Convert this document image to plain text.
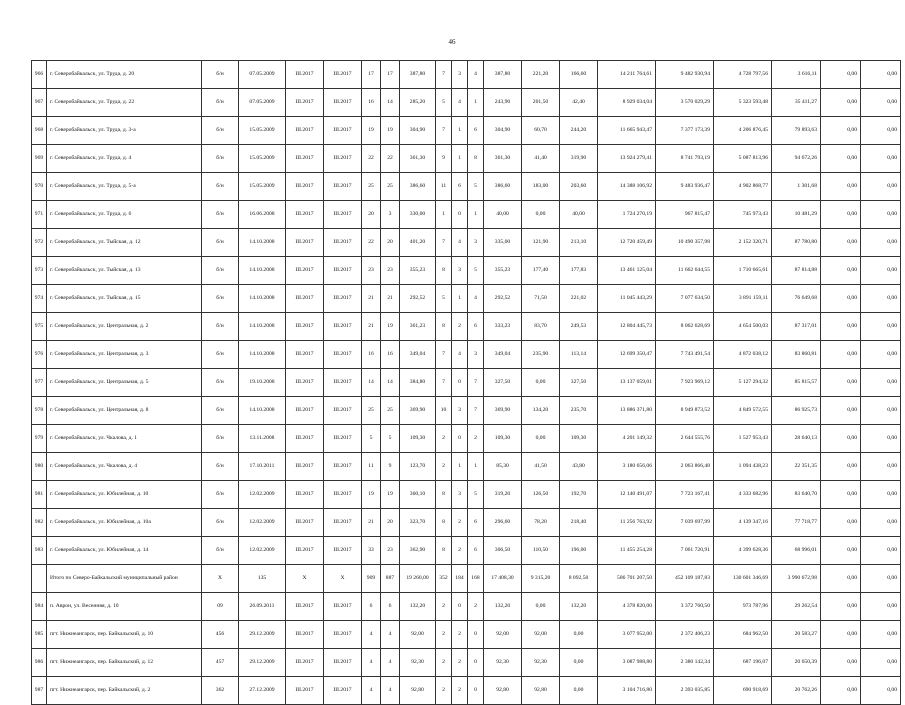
46
966	г. Северобайкальск, ул. Труда, д. 20	б/н	07.05.2009	III.2017	III.2017	17	17	387,80	7	3	4	387,80	221,20	166,60	14 211 764,61	9 482 930,94	4 728 797,56	3 616,11	0,00	0,00
967	г. Северобайкальск, ул. Труда, д. 22	б/н	07.05.2009	III.2017	III.2017	16	14	285,20	5	4	1	243,90	201,50	42,40	8 929 034,04	3 570 029,29	5 323 593,48	35 411,27	0,00	0,00
968	г. Северобайкальск, ул. Труда, д. 3-а	б/н	15.05.2009	III.2017	III.2017	19	19	304,90	7	1	6	304,90	60,70	244,20	11 665 943,47	7 377 173,39	4 206 876,45	79 893,63	0,00	0,00
969	г. Северобайкальск, ул. Труда, д. 4	б/н	15.05.2009	III.2017	III.2017	22	22	361,30	9	1	8	361,30	41,40	319,90	13 924 279,41	8 741 793,19	5 087 813,96	94 672,26	0,00	0,00
970	г. Северобайкальск, ул. Труда, д. 5-а	б/н	15.05.2009	III.2017	III.2017	25	25	386,60	11	6	5	386,60	183,00	203,60	14 388 106,92	9 483 936,47	4 902 868,77	1 301,68	0,00	0,00
971	г. Северобайкальск, ул. Труда, д. 6	б/н	16.06.2008	III.2017	III.2017	20	3	330,00	1	0	1	40,00	0,00	40,00	1 724 270,19	967 815,47	745 973,43	10 481,29	0,00	0,00
972	г. Северобайкальск, ул. Тыйская, д. 12	б/н	14.10.2008	III.2017	III.2017	22	20	401,20	7	4	3	335,00	121,90	213,10	12 720 459,49	10 490 357,98	2 152 320,71	87 780,80	0,00	0,00
973	г. Северобайкальск, ул. Тыйская, д. 13	б/н	14.10.2008	III.2017	III.2017	23	23	355,23	8	3	5	355,23	177,40	177,83	13 461 125,04	11 662 644,55	1 710 665,61	87 814,88	0,00	0,00
974	г. Северобайкальск, ул. Тыйская, д. 15	б/н	14.10.2008	III.2017	III.2017	21	21	292,52	5	1	4	292,52	71,50	221,02	11 045 443,29	7 077 634,50	3 891 159,11	76 649,68	0,00	0,00
975	г. Северобайкальск, ул. Центральная, д. 2	б/н	14.10.2008	III.2017	III.2017	21	19	361,23	8	2	6	333,23	83,70	249,53	12 804 445,73	8 062 628,69	4 654 500,03	87 317,01	0,00	0,00
976	г. Северобайкальск, ул. Центральная, д. 3	б/н	14.10.2008	III.2017	III.2017	16	16	349,04	7	4	3	349,04	235,90	113,14	12 699 350,47	7 743 491,54	4 872 038,12	83 860,81	0,00	0,00
977	г. Северобайкальск, ул. Центральная, д. 5	б/н	19.10.2008	III.2017	III.2017	14	14	384,80	7	0	7	327,50	0,00	327,50	13 137 059,01	7 923 969,12	5 127 294,32	85 815,57	0,00	0,00
978	г. Северобайкальск, ул. Центральная, д. 8	б/н	14.10.2008	III.2017	III.2017	25	25	369,90	10	3	7	369,90	134,20	235,70	13 886 371,80	8 949 873,52	4 849 572,55	86 925,73	0,00	0,00
979	г. Северобайкальск, ул. Чкалова, д. 1	б/н	13.11.2008	III.2017	III.2017	5	5	109,30	2	0	2	109,30	0,00	109,30	4 201 149,32	2 644 555,76	1 527 953,43	28 640,13	0,00	0,00
980	г. Северобайкальск, ул. Чкалова, д. 4	б/н	17.10.2011	III.2017	III.2017	11	9	123,70	2	1	1	85,30	41,50	43,80	3 180 656,06	2 063 866,48	1 094 438,23	22 351,35	0,00	0,00
981	г. Северобайкальск, ул. Юбилейная, д. 10	б/н	12.02.2009	III.2017	III.2017	19	19	360,10	8	3	5	319,20	126,50	192,70	12 140 491,07	7 723 167,41	4 333 682,96	83 640,70	0,00	0,00
982	г. Северобайкальск, ул. Юбилейная, д. 10а	б/н	12.02.2009	III.2017	III.2017	21	20	323,70	8	2	6	296,60	78,20	218,40	11 256 763,92	7 039 697,99	4 139 347,16	77 718,77	0,00	0,00
983	г. Северобайкальск, ул. Юбилейная, д. 14	б/н	12.02.2009	III.2017	III.2017	33	23	362,90	8	2	6	306,50	110,50	196,00	11 455 254,28	7 061 720,91	4 399 628,36	68 996,01	0,00	0,00
	Итого по Северо-Байкальский муниципальный район	X	135	X	X	909	887	19 260,00	352	184	168	17 408,30	9 315,20	8 092,50	586 701 207,50	452 109 187,83	130 601 346,69	3 990 672,98	0,00	0,00
984	п. Аврон, ул. Весенняя, д. 10	09	26.09.2011	III.2017	III.2017	6	6	132,20	2	0	2	132,20	0,00	132,20	4 378 820,00	3 372 760,50	973 787,96	29 262,54	0,00	0,00
985	пгт. Нижнеангарск, пер. Байкальский, д. 10	456	29.12.2009	III.2017	III.2017	4	4	92,00	2	2	0	92,00	92,00	0,00	3 077 952,00	2 372 406,23	684 962,50	20 583,27	0,00	0,00
986	пгт. Нижнеангарск, пер. Байкальский, д. 12	457	29.12.2009	III.2017	III.2017	4	4	92,30	2	2	0	92,30	92,30	0,00	3 087 988,80	2 380 142,34	687 196,07	20 650,39	0,00	0,00
987	пгт. Нижнеангарск, пер. Байкальский, д. 2	362	27.12.2009	III.2017	III.2017	4	4	92,80	2	2	0	92,80	92,80	0,00	3 104 716,80	2 393 035,85	690 918,69	20 762,26	0,00	0,00
